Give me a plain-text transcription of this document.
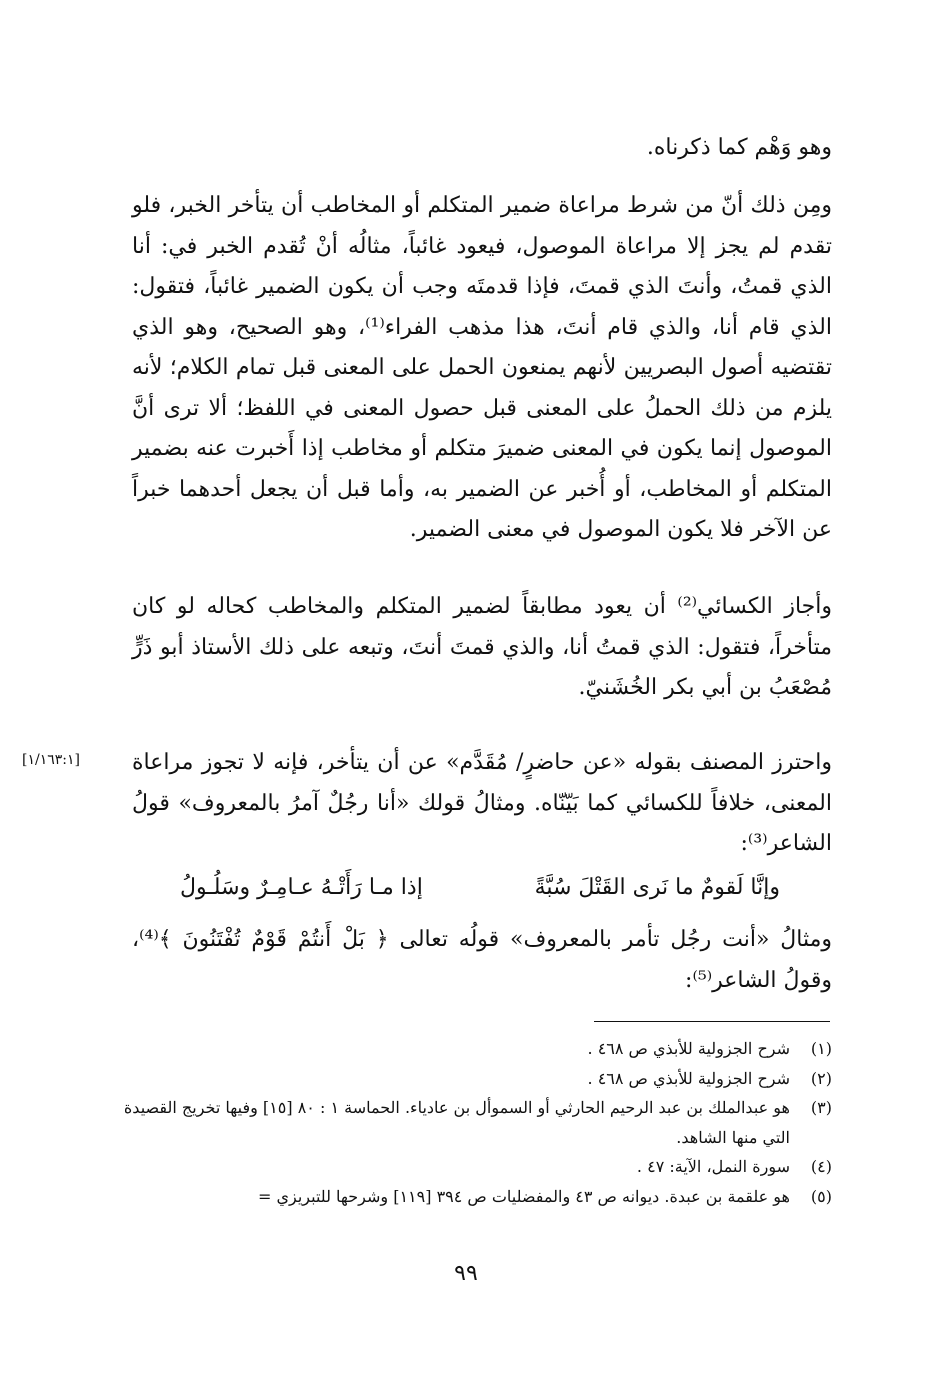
وهو وَهْم كما ذكرناه.

ومِن ذلك أنّ من شرط مراعاة ضمير المتكلم أو المخاطب أن يتأخر الخبر، فلو تقدم لم يجز إلا مراعاة الموصول، فيعود غائباً، مثالُه أنْ تُقدم الخبر في: أنا الذي قمتُ، وأنتَ الذي قمتَ، فإذا قدمتَه وجب أن يكون الضمير غائباً، فتقول: الذي قام أنا، والذي قام أنتَ، هذا مذهب الفراء⁽¹⁾، وهو الصحيح، وهو الذي تقتضيه أصول البصريين لأنهم يمنعون الحمل على المعنى قبل تمام الكلام؛ لأنه يلزم من ذلك الحملُ على المعنى قبل حصول المعنى في اللفظ؛ ألا ترى أنَّ الموصول إنما يكون في المعنى ضميرَ متكلم أو مخاطب إذا أَخبرت عنه بضمير المتكلم أو المخاطب، أو أُخبر عن الضمير به، وأما قبل أن يجعل أحدهما خبراً عن الآخر فلا يكون الموصول في معنى الضمير.

وأجاز الكسائي⁽²⁾ أن يعود مطابقاً لضمير المتكلم والمخاطب كحاله لو كان متأخراً، فتقول: الذي قمتُ أنا، والذي قمتَ أنتَ، وتبعه على ذلك الأستاذ أبو ذَرٍّ مُصْعَبُ بن أبي بكر الخُشَنيّ.

واحترز المصنف بقوله «عن حاضرٍ/ مُقَدَّم» عن أن يتأخر، فإنه لا تجوز مراعاة المعنى، خلافاً للكسائي كما بَيّنّاه. ومثالُ قولك «أنا رجُلٌ آمرُ بالمعروف» قولُ الشاعر⁽³⁾:

[١/١٦٣:١]
وإنَّا لَقومٌ ما نَرى القَتْلَ سُبَّةً
إذا مـا رَأَتْـهُ عـامِـرٌ وسَلُـولُ

ومثالُ «أنت رجُل تأمر بالمعروف» قولُه تعالى ﴿ بَلْ أَنتُمْ قَوْمٌ تُفْتَنُونَ ﴾⁽⁴⁾، وقولُ الشاعر⁽⁵⁾:

(١)
شرح الجزولية للأبذي ص ٤٦٨ .
(٢)
شرح الجزولية للأبذي ص ٤٦٨ .
(٣)
هو عبدالملك بن عبد الرحيم الحارثي أو السموأل بن عادياء. الحماسة ١ : ٨٠ [١٥] وفيها تخريج القصيدة التي منها الشاهد.
(٤)
سورة النمل، الآية: ٤٧ .
(٥)
هو علقمة بن عبدة. ديوانه ص ٤٣ والمفضليات ص ٣٩٤ [١١٩] وشرحها للتبريزي =
٩٩
